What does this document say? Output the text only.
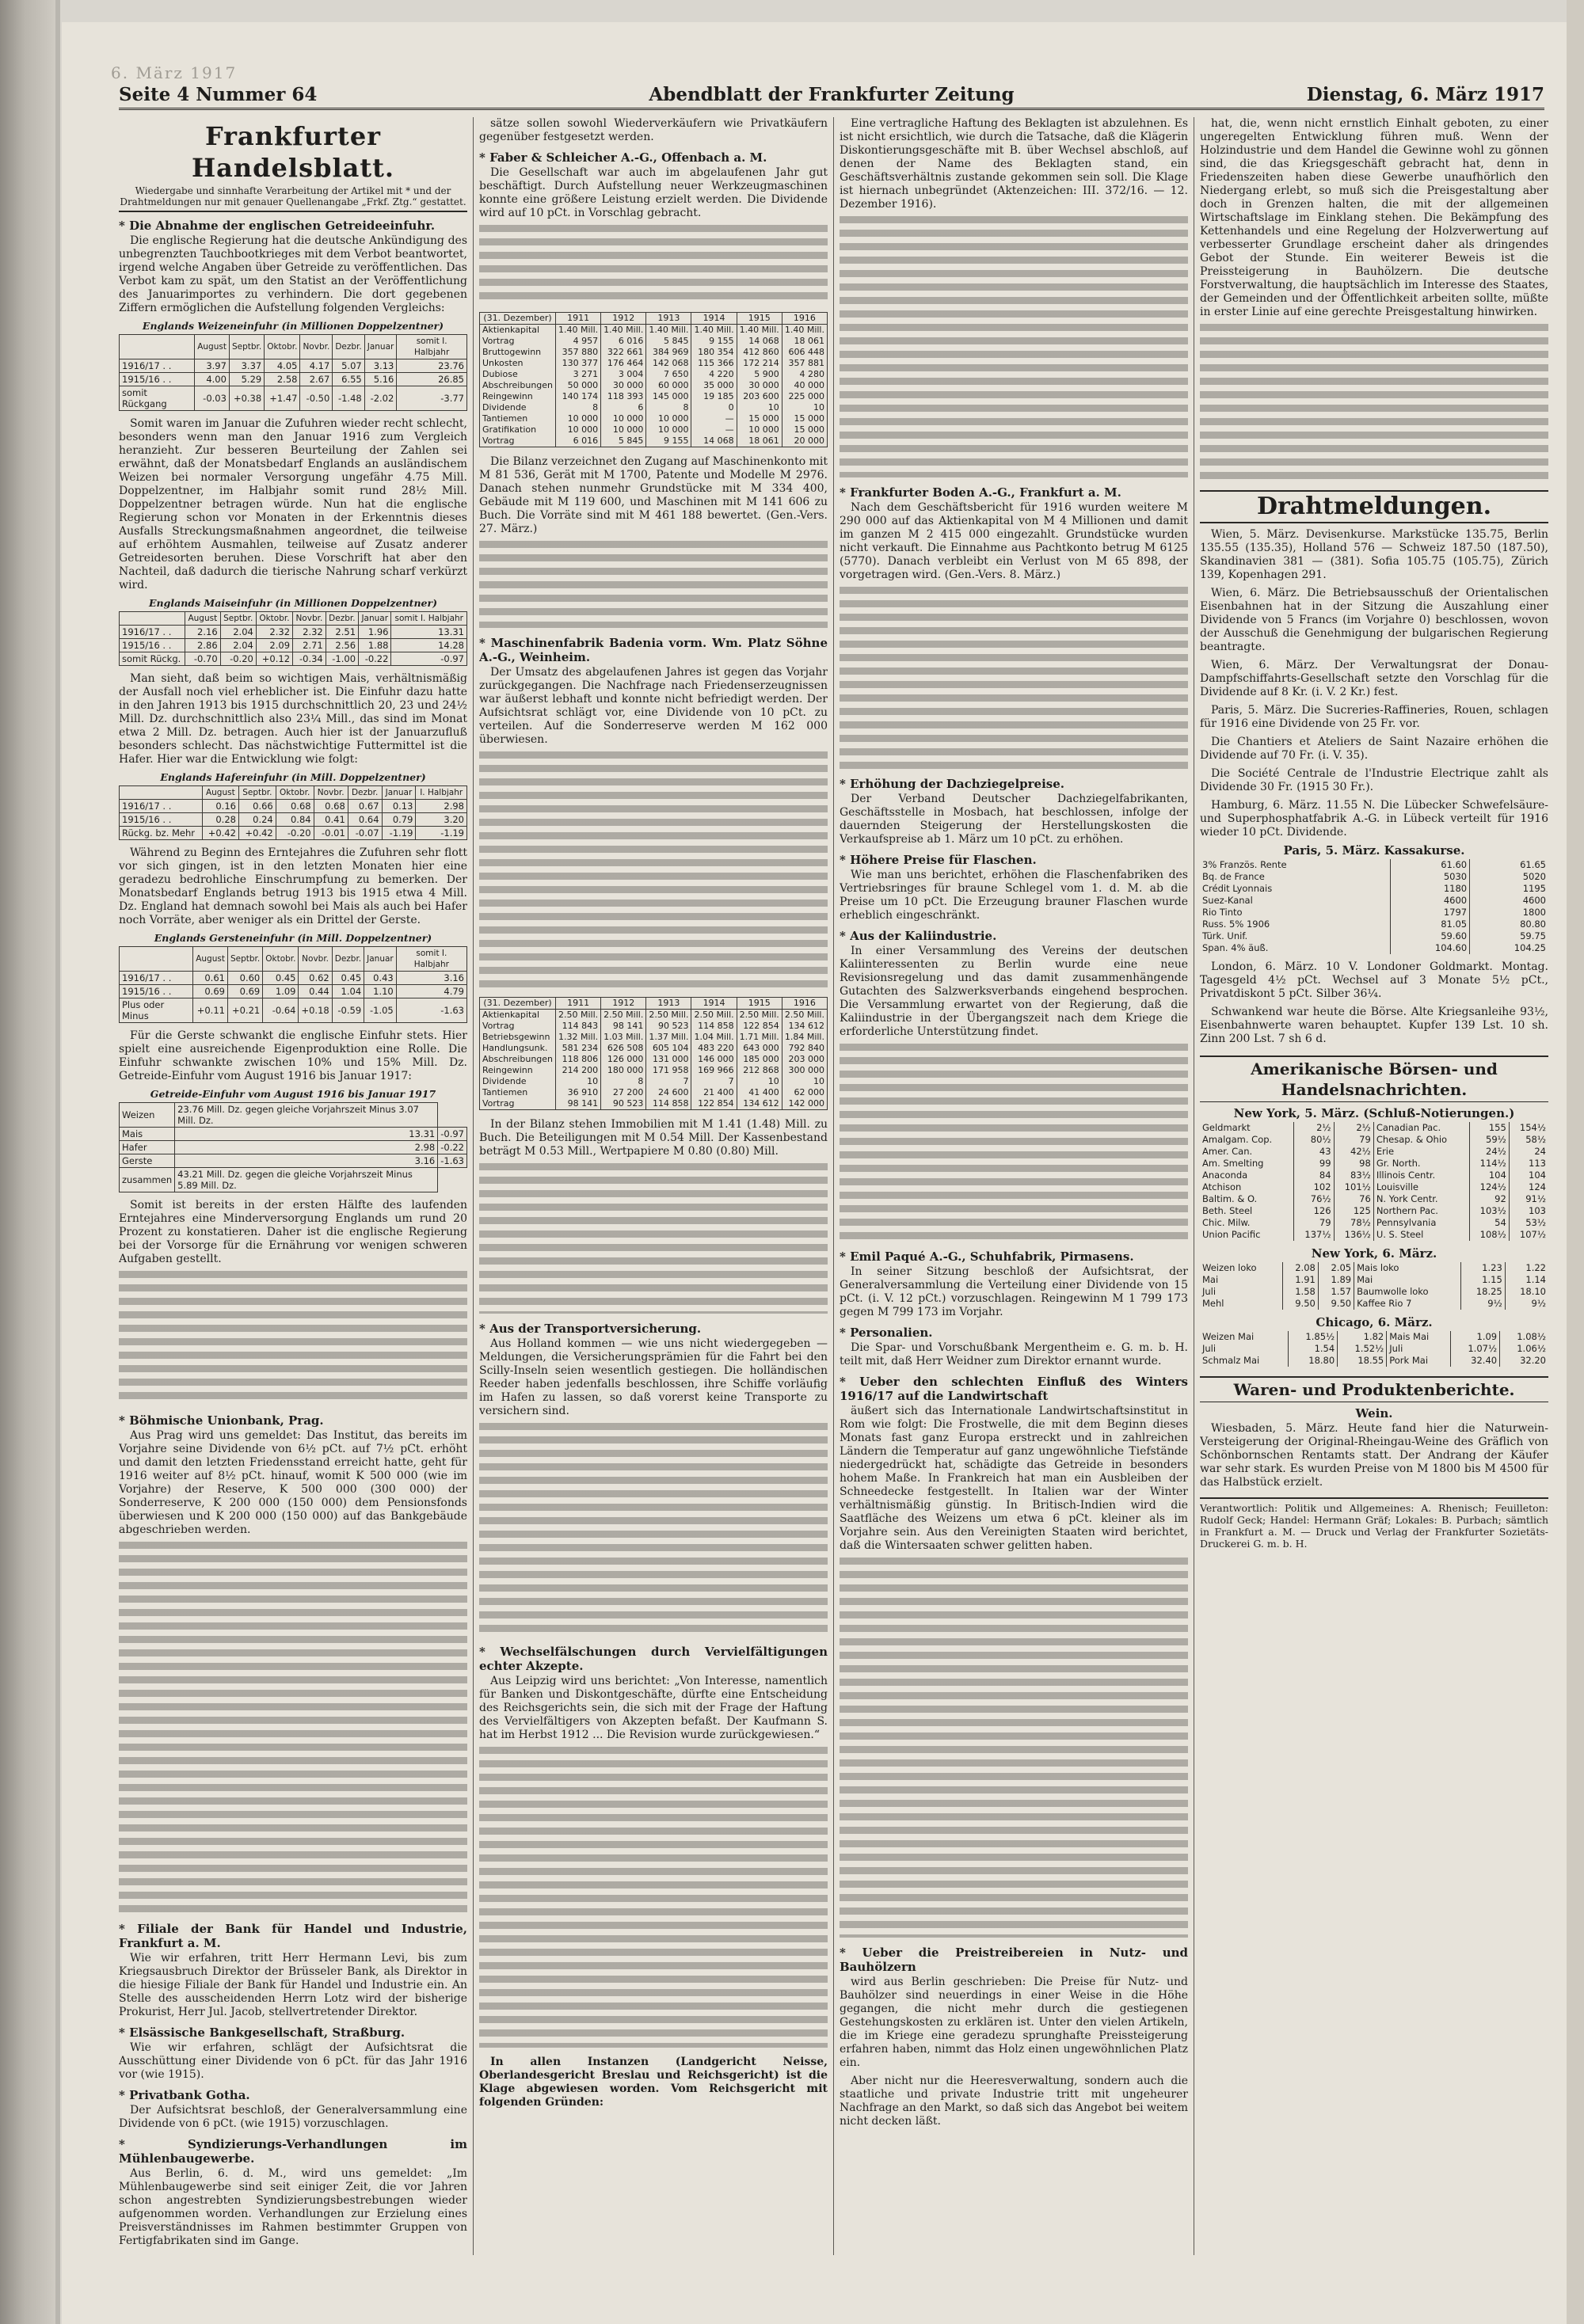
6. März 1917
Seite 4 Nummer 64	Abendblatt der Frankfurter Zeitung	Dienstag, 6. März 1917
Frankfurter Handelsblatt.
Wiedergabe und sinnhafte Verarbeitung der Artikel mit * und der Drahtmeldungen nur mit genauer Quellenangabe „Frkf. Ztg.“ gestattet.
* Die Abnahme der englischen Getreideeinfuhr.

Die englische Regierung hat die deutsche Ankündigung des unbegrenzten Tauchbootkrieges mit dem Verbot beantwortet, irgend welche Angaben über Getreide zu veröffentlichen. Das Verbot kam zu spät, um den Statist an der Veröffentlichung des Januarimportes zu verhindern. Die dort gegebenen Ziffern ermöglichen die Aufstellung folgenden Vergleichs:

Englands Weizeneinfuhr (in Millionen Doppelzentner)
	August	Septbr.	Oktobr.	Novbr.	Dezbr.	Januar	somit I. Halbjahr
1916/17 . .	3.97	3.37	4.05	4.17	5.07	3.13	23.76
1915/16 . .	4.00	5.29	2.58	2.67	6.55	5.16	26.85
somit Rückgang	-0.03	+0.38	+1.47	-0.50	-1.48	-2.02	-3.77

Somit waren im Januar die Zufuhren wieder recht schlecht, besonders wenn man den Januar 1916 zum Vergleich heranzieht. Zur besseren Beurteilung der Zahlen sei erwähnt, daß der Monatsbedarf Englands an ausländischem Weizen bei normaler Versorgung ungefähr 4.75 Mill. Doppelzentner, im Halbjahr somit rund 28½ Mill. Doppelzentner betragen würde. Nun hat die englische Regierung schon vor Monaten in der Erkenntnis dieses Ausfalls Streckungsmaßnahmen angeordnet, die teilweise auf erhöhtem Ausmahlen, teilweise auf Zusatz anderer Getreidesorten beruhen. Diese Vorschrift hat aber den Nachteil, daß dadurch die tierische Nahrung scharf verkürzt wird.

Englands Maiseinfuhr (in Millionen Doppelzentner)
	August	Septbr.	Oktobr.	Novbr.	Dezbr.	Januar	somit I. Halbjahr
1916/17 . .	2.16	2.04	2.32	2.32	2.51	1.96	13.31
1915/16 . .	2.86	2.04	2.09	2.71	2.56	1.88	14.28
somit Rückg.	-0.70	-0.20	+0.12	-0.34	-1.00	-0.22	-0.97

Man sieht, daß beim so wichtigen Mais, verhältnismäßig der Ausfall noch viel erheblicher ist. Die Einfuhr dazu hatte in den Jahren 1913 bis 1915 durchschnittlich 20, 23 und 24½ Mill. Dz. durchschnittlich also 23¼ Mill., das sind im Monat etwa 2 Mill. Dz. betragen. Auch hier ist der Januarzufluß besonders schlecht. Das nächstwichtige Futtermittel ist die Hafer. Hier war die Entwicklung wie folgt:

Englands Hafereinfuhr (in Mill. Doppelzentner)
	August	Septbr.	Oktobr.	Novbr.	Dezbr.	Januar	I. Halbjahr
1916/17 . .	0.16	0.66	0.68	0.68	0.67	0.13	2.98
1915/16 . .	0.28	0.24	0.84	0.41	0.64	0.79	3.20
Rückg. bz. Mehr	+0.42	+0.42	-0.20	-0.01	-0.07	-1.19	-1.19

Während zu Beginn des Erntejahres die Zufuhren sehr flott vor sich gingen, ist in den letzten Monaten hier eine geradezu bedrohliche Einschrumpfung zu bemerken. Der Monatsbedarf Englands betrug 1913 bis 1915 etwa 4 Mill. Dz. England hat demnach sowohl bei Mais als auch bei Hafer noch Vorräte, aber weniger als ein Drittel der Gerste.

Englands Gersteneinfuhr (in Mill. Doppelzentner)
	August	Septbr.	Oktobr.	Novbr.	Dezbr.	Januar	somit I. Halbjahr
1916/17 . .	0.61	0.60	0.45	0.62	0.45	0.43	3.16
1915/16 . .	0.69	0.69	1.09	0.44	1.04	1.10	4.79
Plus oder Minus	+0.11	+0.21	-0.64	+0.18	-0.59	-1.05	-1.63

Für die Gerste schwankt die englische Einfuhr stets. Hier spielt eine ausreichende Eigenproduktion eine Rolle. Die Einfuhr schwankte zwischen 10% und 15% Mill. Dz. Getreide-Einfuhr vom August 1916 bis Januar 1917:

Getreide-Einfuhr vom August 1916 bis Januar 1917
Weizen	23.76 Mill. Dz. gegen gleiche Vorjahrszeit Minus 3.07 Mill. Dz.	
Mais	13.31	-0.97
Hafer	2.98	-0.22
Gerste	3.16	-1.63
zusammen	43.21 Mill. Dz. gegen die gleiche Vorjahrszeit Minus 5.89 Mill. Dz.	

Somit ist bereits in der ersten Hälfte des laufenden Erntejahres eine Minderversorgung Englands um rund 20 Prozent zu konstatieren. Daher ist die englische Regierung bei der Vorsorge für die Ernährung vor wenigen schweren Aufgaben gestellt.

* Böhmische Unionbank, Prag.

Aus Prag wird uns gemeldet: Das Institut, das bereits im Vorjahre seine Dividende von 6½ pCt. auf 7½ pCt. erhöht und damit den letzten Friedensstand erreicht hatte, geht für 1916 weiter auf 8½ pCt. hinauf, womit K 500 000 (wie im Vorjahre) der Reserve, K 500 000 (300 000) der Sonderreserve, K 200 000 (150 000) dem Pensionsfonds überwiesen und K 200 000 (150 000) auf das Bankgebäude abgeschrieben werden.

* Filiale der Bank für Handel und Industrie, Frankfurt a. M.

Wie wir erfahren, tritt Herr Hermann Levi, bis zum Kriegsausbruch Direktor der Brüsseler Bank, als Direktor in die hiesige Filiale der Bank für Handel und Industrie ein. An Stelle des ausscheidenden Herrn Lotz wird der bisherige Prokurist, Herr Jul. Jacob, stellvertretender Direktor.

* Elsässische Bankgesellschaft, Straßburg.

Wie wir erfahren, schlägt der Aufsichtsrat die Ausschüttung einer Dividende von 6 pCt. für das Jahr 1916 vor (wie 1915).

* Privatbank Gotha.

Der Aufsichtsrat beschloß, der Generalversammlung eine Dividende von 6 pCt. (wie 1915) vorzuschlagen.

* Syndizierungs-Verhandlungen im Mühlenbaugewerbe.

Aus Berlin, 6. d. M., wird uns gemeldet: „Im Mühlenbaugewerbe sind seit einiger Zeit, die vor Jahren schon angestrebten Syndizierungsbestrebungen wieder aufgenommen worden. Verhandlungen zur Erzielung eines Preisverständnisses im Rahmen bestimmter Gruppen von Fertigfabrikaten sind im Gange.

sätze sollen sowohl Wiederverkäufern wie Privatkäufern gegenüber festgesetzt werden.

* Faber & Schleicher A.-G., Offenbach a. M.

Die Gesellschaft war auch im abgelaufenen Jahr gut beschäftigt. Durch Aufstellung neuer Werkzeugmaschinen konnte eine größere Leistung erzielt werden. Die Dividende wird auf 10 pCt. in Vorschlag gebracht.

(31. Dezember)	1911	1912	1913	1914	1915	1916
Aktienkapital	1.40 Mill.	1.40 Mill.	1.40 Mill.	1.40 Mill.	1.40 Mill.	1.40 Mill.
Vortrag	4 957	6 016	5 845	9 155	14 068	18 061
Bruttogewinn	357 880	322 661	384 969	180 354	412 860	606 448
Unkosten	130 377	176 464	142 068	115 366	172 214	357 881
Dubiose	3 271	3 004	7 650	4 220	5 900	4 280
Abschreibungen	50 000	30 000	60 000	35 000	30 000	40 000
Reingewinn	140 174	118 393	145 000	19 185	203 600	225 000
Dividende	8	6	8	0	10	10
Tantiemen	10 000	10 000	10 000	—	15 000	15 000
Gratifikation	10 000	10 000	10 000	—	10 000	15 000
Vortrag	6 016	5 845	9 155	14 068	18 061	20 000

Die Bilanz verzeichnet den Zugang auf Maschinenkonto mit M 81 536, Gerät mit M 1700, Patente und Modelle M 2976. Danach stehen nunmehr Grundstücke mit M 334 400, Gebäude mit M 119 600, und Maschinen mit M 141 606 zu Buch. Die Vorräte sind mit M 461 188 bewertet. (Gen.-Vers. 27. März.)

* Maschinenfabrik Badenia vorm. Wm. Platz Söhne A.-G., Weinheim.

Der Umsatz des abgelaufenen Jahres ist gegen das Vorjahr zurückgegangen. Die Nachfrage nach Friedenserzeugnissen war äußerst lebhaft und konnte nicht befriedigt werden. Der Aufsichtsrat schlägt vor, eine Dividende von 10 pCt. zu verteilen. Auf die Sonderreserve werden M 162 000 überwiesen.

(31. Dezember)	1911	1912	1913	1914	1915	1916
Aktienkapital	2.50 Mill.	2.50 Mill.	2.50 Mill.	2.50 Mill.	2.50 Mill.	2.50 Mill.
Vortrag	114 843	98 141	90 523	114 858	122 854	134 612
Betriebsgewinn	1.32 Mill.	1.03 Mill.	1.37 Mill.	1.04 Mill.	1.71 Mill.	1.84 Mill.
Handlungsunk.	581 234	626 508	605 104	483 220	643 000	792 840
Abschreibungen	118 806	126 000	131 000	146 000	185 000	203 000
Reingewinn	214 200	180 000	171 958	169 966	212 868	300 000
Dividende	10	8	7	7	10	10
Tantiemen	36 910	27 200	24 600	21 400	41 400	62 000
Vortrag	98 141	90 523	114 858	122 854	134 612	142 000

In der Bilanz stehen Immobilien mit M 1.41 (1.48) Mill. zu Buch. Die Beteiligungen mit M 0.54 Mill. Der Kassenbestand beträgt M 0.53 Mill., Wertpapiere M 0.80 (0.80) Mill.

* Aus der Transportversicherung.

Aus Holland kommen — wie uns nicht wiedergegeben — Meldungen, die Versicherungsprämien für die Fahrt bei den Scilly-Inseln seien wesentlich gestiegen. Die holländischen Reeder haben jedenfalls beschlossen, ihre Schiffe vorläufig im Hafen zu lassen, so daß vorerst keine Transporte zu versichern sind.

* Wechselfälschungen durch Vervielfältigungen echter Akzepte.

Aus Leipzig wird uns berichtet: „Von Interesse, namentlich für Banken und Diskontgeschäfte, dürfte eine Entscheidung des Reichsgerichts sein, die sich mit der Frage der Haftung des Vervielfältigers von Akzepten befaßt. Der Kaufmann S. hat im Herbst 1912 ... Die Revision wurde zurückgewiesen.“

In allen Instanzen (Landgericht Neisse, Oberlandesgericht Breslau und Reichsgericht) ist die Klage abgewiesen worden. Vom Reichsgericht mit folgenden Gründen:

Eine vertragliche Haftung des Beklagten ist abzulehnen. Es ist nicht ersichtlich, wie durch die Tatsache, daß die Klägerin Diskontierungsgeschäfte mit B. über Wechsel abschloß, auf denen der Name des Beklagten stand, ein Geschäftsverhältnis zustande gekommen sein soll. Die Klage ist hiernach unbegründet (Aktenzeichen: III. 372/16. — 12. Dezember 1916).

* Frankfurter Boden A.-G., Frankfurt a. M.

Nach dem Geschäftsbericht für 1916 wurden weitere M 290 000 auf das Aktienkapital von M 4 Millionen und damit im ganzen M 2 415 000 eingezahlt. Grundstücke wurden nicht verkauft. Die Einnahme aus Pachtkonto betrug M 6125 (5770). Danach verbleibt ein Verlust von M 65 898, der vorgetragen wird. (Gen.-Vers. 8. März.)

* Erhöhung der Dachziegelpreise.

Der Verband Deutscher Dachziegelfabrikanten, Geschäftsstelle in Mosbach, hat beschlossen, infolge der dauernden Steigerung der Herstellungskosten die Verkaufspreise ab 1. März um 10 pCt. zu erhöhen.

* Höhere Preise für Flaschen.

Wie man uns berichtet, erhöhen die Flaschenfabriken des Vertriebsringes für braune Schlegel vom 1. d. M. ab die Preise um 10 pCt. Die Erzeugung brauner Flaschen wurde erheblich eingeschränkt.

* Aus der Kaliindustrie.

In einer Versammlung des Vereins der deutschen Kaliinteressenten zu Berlin wurde eine neue Revisionsregelung und das damit zusammenhängende Gutachten des Salzwerksverbands eingehend besprochen. Die Versammlung erwartet von der Regierung, daß die Kaliindustrie in der Übergangszeit nach dem Kriege die erforderliche Unterstützung findet.

* Emil Paqué A.-G., Schuhfabrik, Pirmasens.

In seiner Sitzung beschloß der Aufsichtsrat, der Generalversammlung die Verteilung einer Dividende von 15 pCt. (i. V. 12 pCt.) vorzuschlagen. Reingewinn M 1 799 173 gegen M 799 173 im Vorjahr.

* Personalien.

Die Spar- und Vorschußbank Mergentheim e. G. m. b. H. teilt mit, daß Herr Weidner zum Direktor ernannt wurde.

* Ueber den schlechten Einfluß des Winters 1916/17 auf die Landwirtschaft

äußert sich das Internationale Landwirtschaftsinstitut in Rom wie folgt: Die Frostwelle, die mit dem Beginn dieses Monats fast ganz Europa erstreckt und in zahlreichen Ländern die Temperatur auf ganz ungewöhnliche Tiefstände niedergedrückt hat, schädigte das Getreide in besonders hohem Maße. In Frankreich hat man ein Ausbleiben der Schneedecke festgestellt. In Italien war der Winter verhältnismäßig günstig. In Britisch-Indien wird die Saatfläche des Weizens um etwa 6 pCt. kleiner als im Vorjahre sein. Aus den Vereinigten Staaten wird berichtet, daß die Wintersaaten schwer gelitten haben.

* Ueber die Preistreibereien in Nutz- und Bauhölzern

wird aus Berlin geschrieben: Die Preise für Nutz- und Bauhölzer sind neuerdings in einer Weise in die Höhe gegangen, die nicht mehr durch die gestiegenen Gestehungskosten zu erklären ist. Unter den vielen Artikeln, die im Kriege eine geradezu sprunghafte Preissteigerung erfahren haben, nimmt das Holz einen ungewöhnlichen Platz ein.

Aber nicht nur die Heeresverwaltung, sondern auch die staatliche und private Industrie tritt mit ungeheurer Nachfrage an den Markt, so daß sich das Angebot bei weitem nicht decken läßt.

hat, die, wenn nicht ernstlich Einhalt geboten, zu einer ungeregelten Entwicklung führen muß. Wenn der Holzindustrie und dem Handel die Gewinne wohl zu gönnen sind, die das Kriegsgeschäft gebracht hat, denn in Friedenszeiten haben diese Gewerbe unaufhörlich den Niedergang erlebt, so muß sich die Preisgestaltung aber doch in Grenzen halten, die mit der allgemeinen Wirtschaftslage im Einklang stehen. Die Bekämpfung des Kettenhandels und eine Regelung der Holzverwertung auf verbesserter Grundlage erscheint daher als dringendes Gebot der Stunde. Ein weiterer Beweis ist die Preissteigerung in Bauhölzern. Die deutsche Forstverwaltung, die hauptsächlich im Interesse des Staates, der Gemeinden und der Öffentlichkeit arbeiten sollte, müßte in erster Linie auf eine gerechte Preisgestaltung hinwirken.

Drahtmeldungen.

Wien, 5. März. Devisenkurse. Markstücke 135.75, Berlin 135.55 (135.35), Holland 576 — Schweiz 187.50 (187.50), Skandinavien 381 — (381). Sofia 105.75 (105.75), Zürich 139, Kopenhagen 291.

Wien, 6. März. Die Betriebsausschuß der Orientalischen Eisenbahnen hat in der Sitzung die Auszahlung einer Dividende von 5 Francs (im Vorjahre 0) beschlossen, wovon der Ausschuß die Genehmigung der bulgarischen Regierung beantragte.

Wien, 6. März. Der Verwaltungsrat der Donau-Dampfschiffahrts-Gesellschaft setzte den Vorschlag für die Dividende auf 8 Kr. (i. V. 2 Kr.) fest.

Paris, 5. März. Die Sucreries-Raffineries, Rouen, schlagen für 1916 eine Dividende von 25 Fr. vor.

Die Chantiers et Ateliers de Saint Nazaire erhöhen die Dividende auf 70 Fr. (i. V. 35).

Die Société Centrale de l'Industrie Electrique zahlt als Dividende 30 Fr. (1915 30 Fr.).

Hamburg, 6. März. 11.55 N. Die Lübecker Schwefelsäure- und Superphosphatfabrik A.-G. in Lübeck verteilt für 1916 wieder 10 pCt. Dividende.

Paris, 5. März. Kassakurse.
3% Französ. Rente	61.60	61.65
Bq. de France	5030	5020
Crédit Lyonnais	1180	1195
Suez-Kanal	4600	4600
Rio Tinto	1797	1800
Russ. 5% 1906	81.05	80.80
Türk. Unif.	59.60	59.75
Span. 4% äuß.	104.60	104.25

London, 6. März. 10 V. Londoner Goldmarkt. Montag. Tagesgeld 4½ pCt. Wechsel auf 3 Monate 5½ pCt., Privatdiskont 5 pCt. Silber 36¼.

Schwankend war heute die Börse. Alte Kriegsanleihe 93½, Eisenbahnwerte waren behauptet. Kupfer 139 Lst. 10 sh. Zinn 200 Lst. 7 sh 6 d.

Amerikanische Börsen- und Handelsnachrichten.
New York, 5. März. (Schluß-Notierungen.)
Geldmarkt	2½	2½	Canadian Pac.	155	154½
Amalgam. Cop.	80½	79	Chesap. & Ohio	59½	58½
Amer. Can.	43	42½	Erie	24½	24
Am. Smelting	99	98	Gr. North.	114½	113
Anaconda	84	83½	Illinois Centr.	104	104
Atchison	102	101½	Louisville	124½	124
Baltim. & O.	76½	76	N. York Centr.	92	91½
Beth. Steel	126	125	Northern Pac.	103½	103
Chic. Milw.	79	78½	Pennsylvania	54	53½
Union Pacific	137½	136½	U. S. Steel	108½	107½
New York, 6. März.
Weizen loko	2.08	2.05	Mais loko	1.23	1.22
Mai	1.91	1.89	Mai	1.15	1.14
Juli	1.58	1.57	Baumwolle loko	18.25	18.10
Mehl	9.50	9.50	Kaffee Rio 7	9½	9½
Chicago, 6. März.
Weizen Mai	1.85½	1.82	Mais Mai	1.09	1.08½
Juli	1.54	1.52½	Juli	1.07½	1.06½
Schmalz Mai	18.80	18.55	Pork Mai	32.40	32.20
Waren- und Produktenberichte.
Wein.

Wiesbaden, 5. März. Heute fand hier die Naturwein-Versteigerung der Original-Rheingau-Weine des Gräflich von Schönbornschen Rentamts statt. Der Andrang der Käufer war sehr stark. Es wurden Preise von M 1800 bis M 4500 für das Halbstück erzielt.

Verantwortlich: Politik und Allgemeines: A. Rhenisch; Feuilleton: Rudolf Geck; Handel: Hermann Gräf; Lokales: B. Purbach; sämtlich in Frankfurt a. M. — Druck und Verlag der Frankfurter Sozietäts-Druckerei G. m. b. H.
